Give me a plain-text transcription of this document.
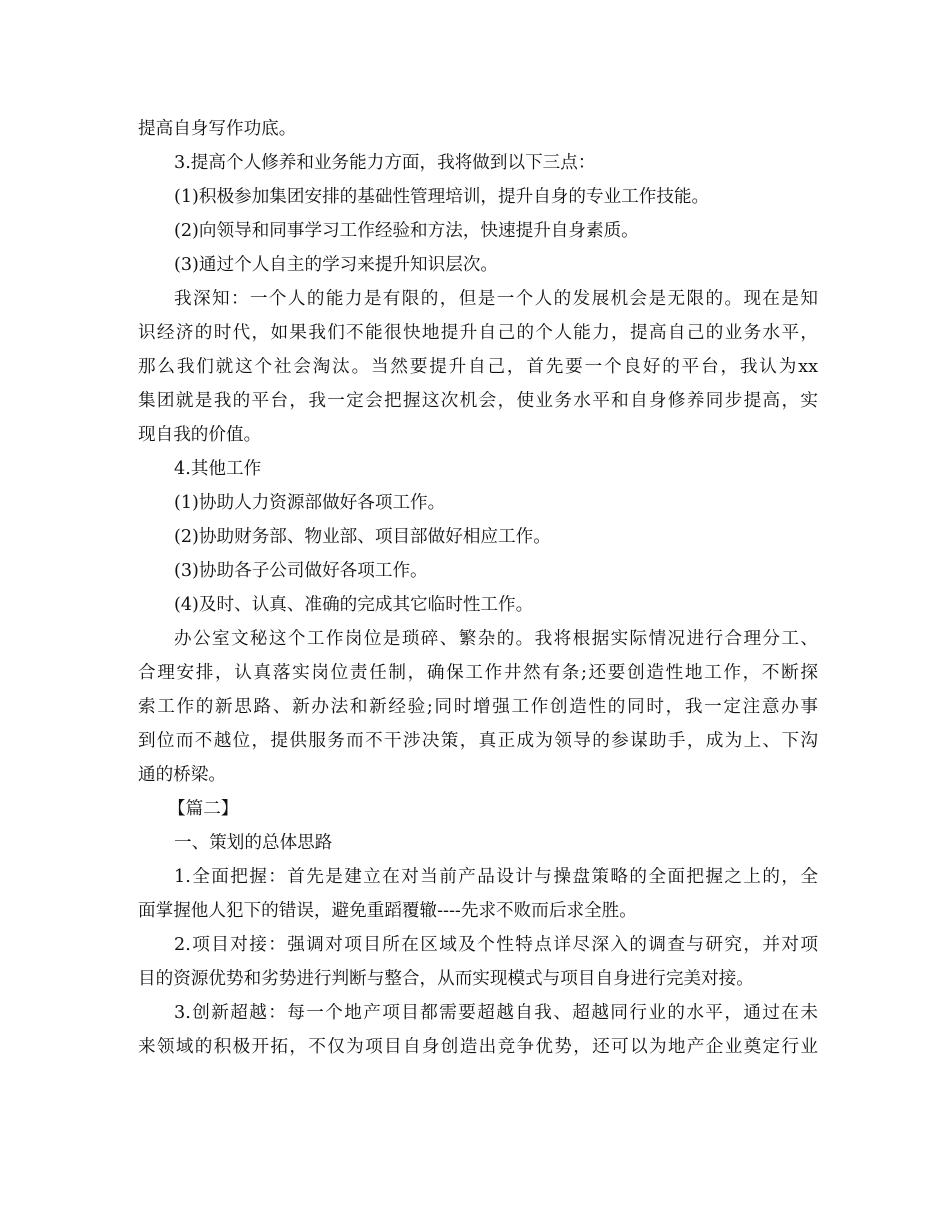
提高自身写作功底。
3.提高个人修养和业务能力方面，我将做到以下三点：
(1)积极参加集团安排的基础性管理培训，提升自身的专业工作技能。
(2)向领导和同事学习工作经验和方法，快速提升自身素质。
(3)通过个人自主的学习来提升知识层次。
我深知：一个人的能力是有限的，但是一个人的发展机会是无限的。现在是知
识经济的时代，如果我们不能很快地提升自己的个人能力，提高自己的业务水平，
那么我们就这个社会淘汰。当然要提升自己，首先要一个良好的平台，我认为xx
集团就是我的平台，我一定会把握这次机会，使业务水平和自身修养同步提高，实
现自我的价值。
4.其他工作
(1)协助人力资源部做好各项工作。
(2)协助财务部、物业部、项目部做好相应工作。
(3)协助各子公司做好各项工作。
(4)及时、认真、准确的完成其它临时性工作。
办公室文秘这个工作岗位是琐碎、繁杂的。我将根据实际情况进行合理分工、
合理安排，认真落实岗位责任制，确保工作井然有条;还要创造性地工作，不断探
索工作的新思路、新办法和新经验;同时增强工作创造性的同时，我一定注意办事
到位而不越位，提供服务而不干涉决策，真正成为领导的参谋助手，成为上、下沟
通的桥梁。
【篇二】
一、策划的总体思路
1.全面把握：首先是建立在对当前产品设计与操盘策略的全面把握之上的，全
面掌握他人犯下的错误，避免重蹈覆辙----先求不败而后求全胜。
2.项目对接：强调对项目所在区域及个性特点详尽深入的调查与研究，并对项
目的资源优势和劣势进行判断与整合，从而实现模式与项目自身进行完美对接。
3.创新超越：每一个地产项目都需要超越自我、超越同行业的水平，通过在未
来领域的积极开拓，不仅为项目自身创造出竞争优势，还可以为地产企业奠定行业
